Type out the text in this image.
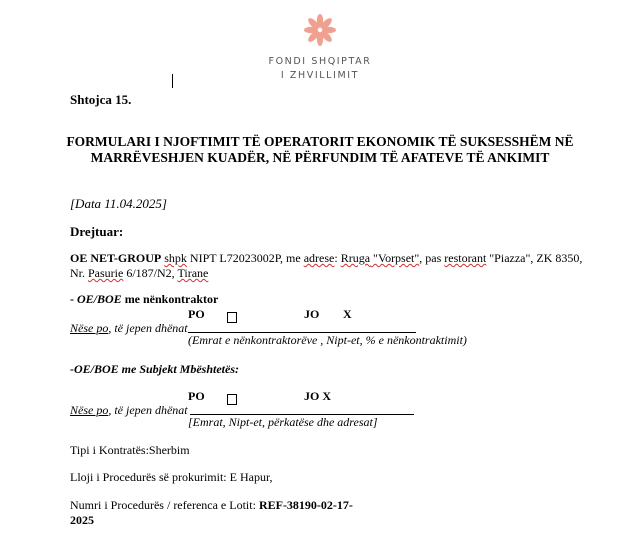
FONDI SHQIPTAR
I ZHVILLIMIT
Shtojca 15.
FORMULARI I NJOFTIMIT TË OPERATORIT EKONOMIK TË SUKSESSHËM NË
MARRËVESHJEN KUADËR, NË PËRFUNDIM TË AFATEVE TË ANKIMIT
[Data 11.04.2025]
Drejtuar:
OE NET-GROUP shpk NIPT L72023002P, me adrese: Rruga "Vorpset", pas restorant "Piazza", ZK 8350,
Nr. Pasurie 6/187/N2, Tirane
- OE/BOE me nënkontraktor
PO	JO X
Nëse po, të jepen dhënat
(Emrat e nënkontraktorëve , Nipt-et, % e nënkontraktimit)
-OE/BOE me Subjekt Mbështetës:
PO	JO X
Nëse po, të jepen dhënat
[Emrat, Nipt-et, përkatëse dhe adresat]
Tipi i Kontratës:Sherbim
Lloji i Procedurës së prokurimit: E Hapur,
Numri i Procedurës / referenca e Lotit: REF-38190-02-17-
2025
